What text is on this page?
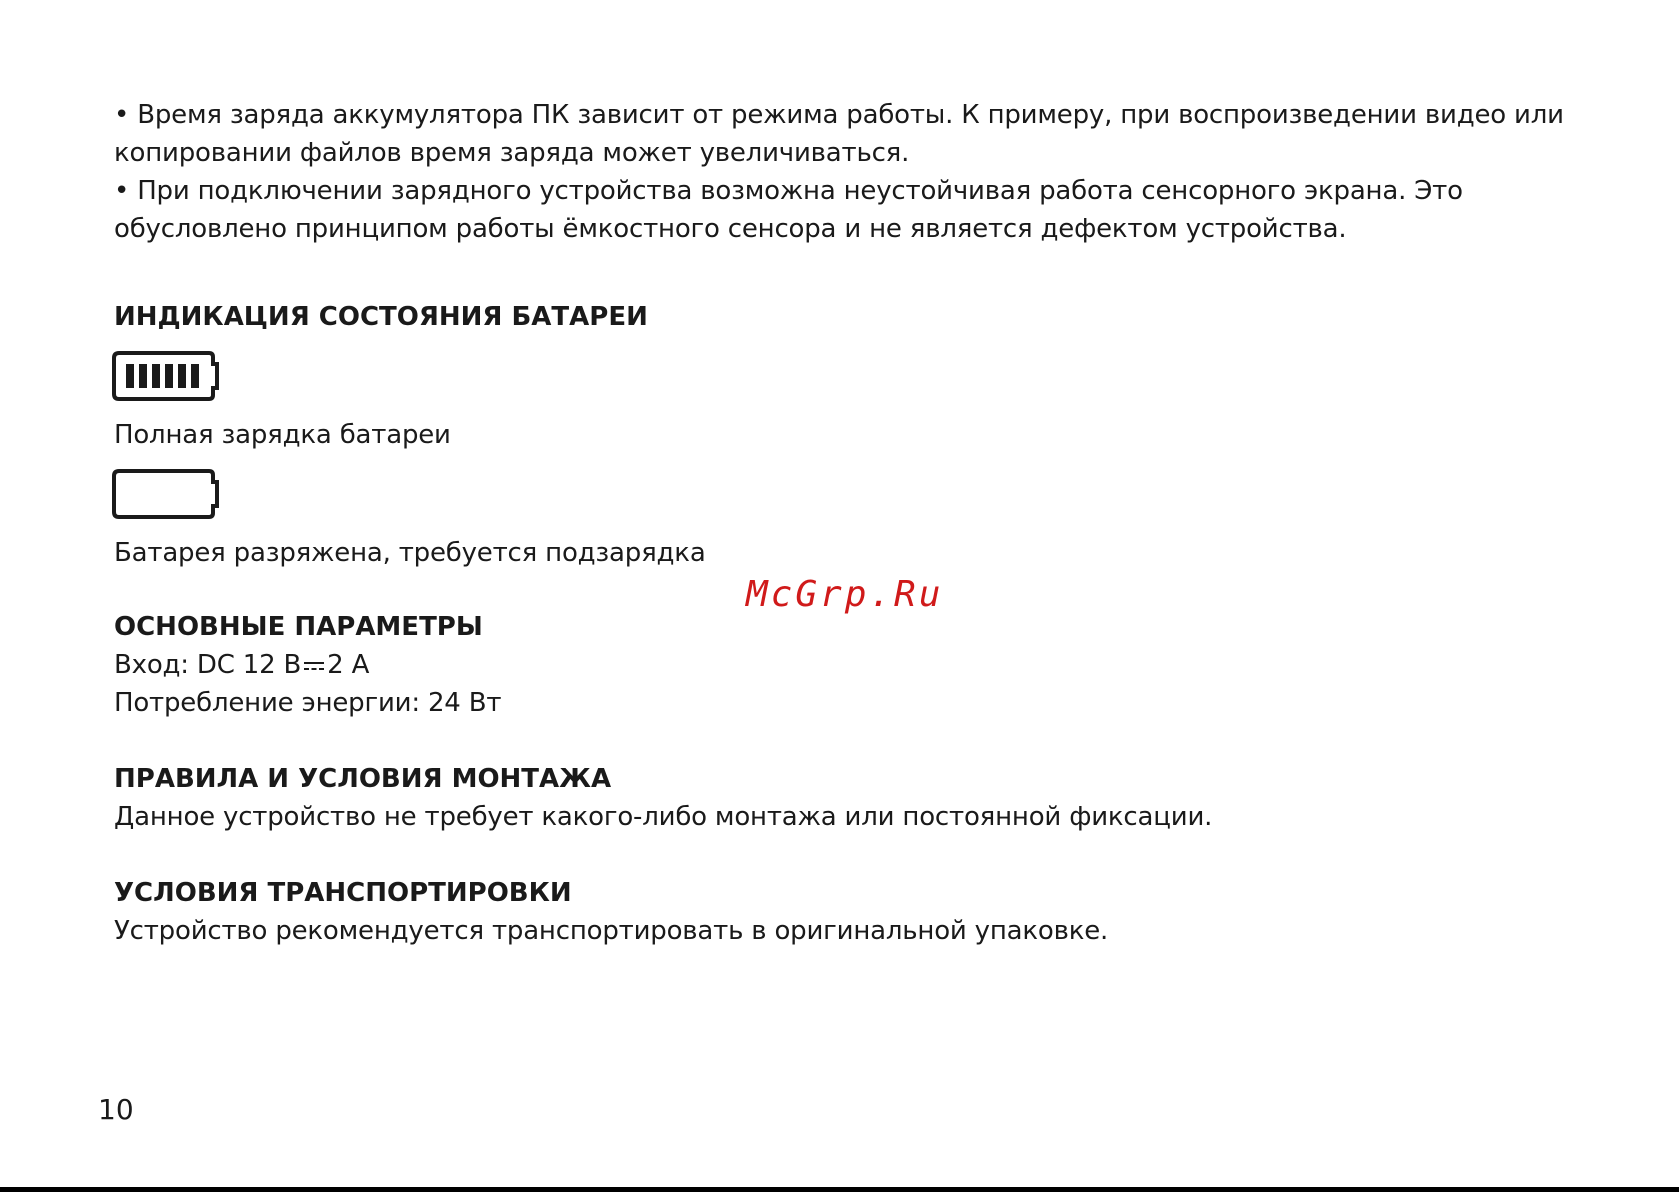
• Время заряда аккумулятора ПК зависит от режима работы. К примеру, при воспроизведении видео или копировании файлов время заряда может увеличиваться.

• При подключении зарядного устройства возможна неустойчивая работа сенсорного экрана. Это обусловлено принципом работы ёмкостного сенсора и не является дефектом устройства.

ИНДИКАЦИЯ СОСТОЯНИЯ БАТАРЕИ

Полная зарядка батареи

Батарея разряжена, требуется подзарядка

ОСНОВНЫЕ ПАРАМЕТРЫ

Вход: DC 12 В 2 А

Потребление энергии: 24 Вт

ПРАВИЛА И УСЛОВИЯ МОНТАЖА

Данное устройство не требует какого-либо монтажа или постоянной фиксации.

УСЛОВИЯ ТРАНСПОРТИРОВКИ

Устройство рекомендуется транспортировать в оригинальной упаковке.

McGrp.Ru
10
